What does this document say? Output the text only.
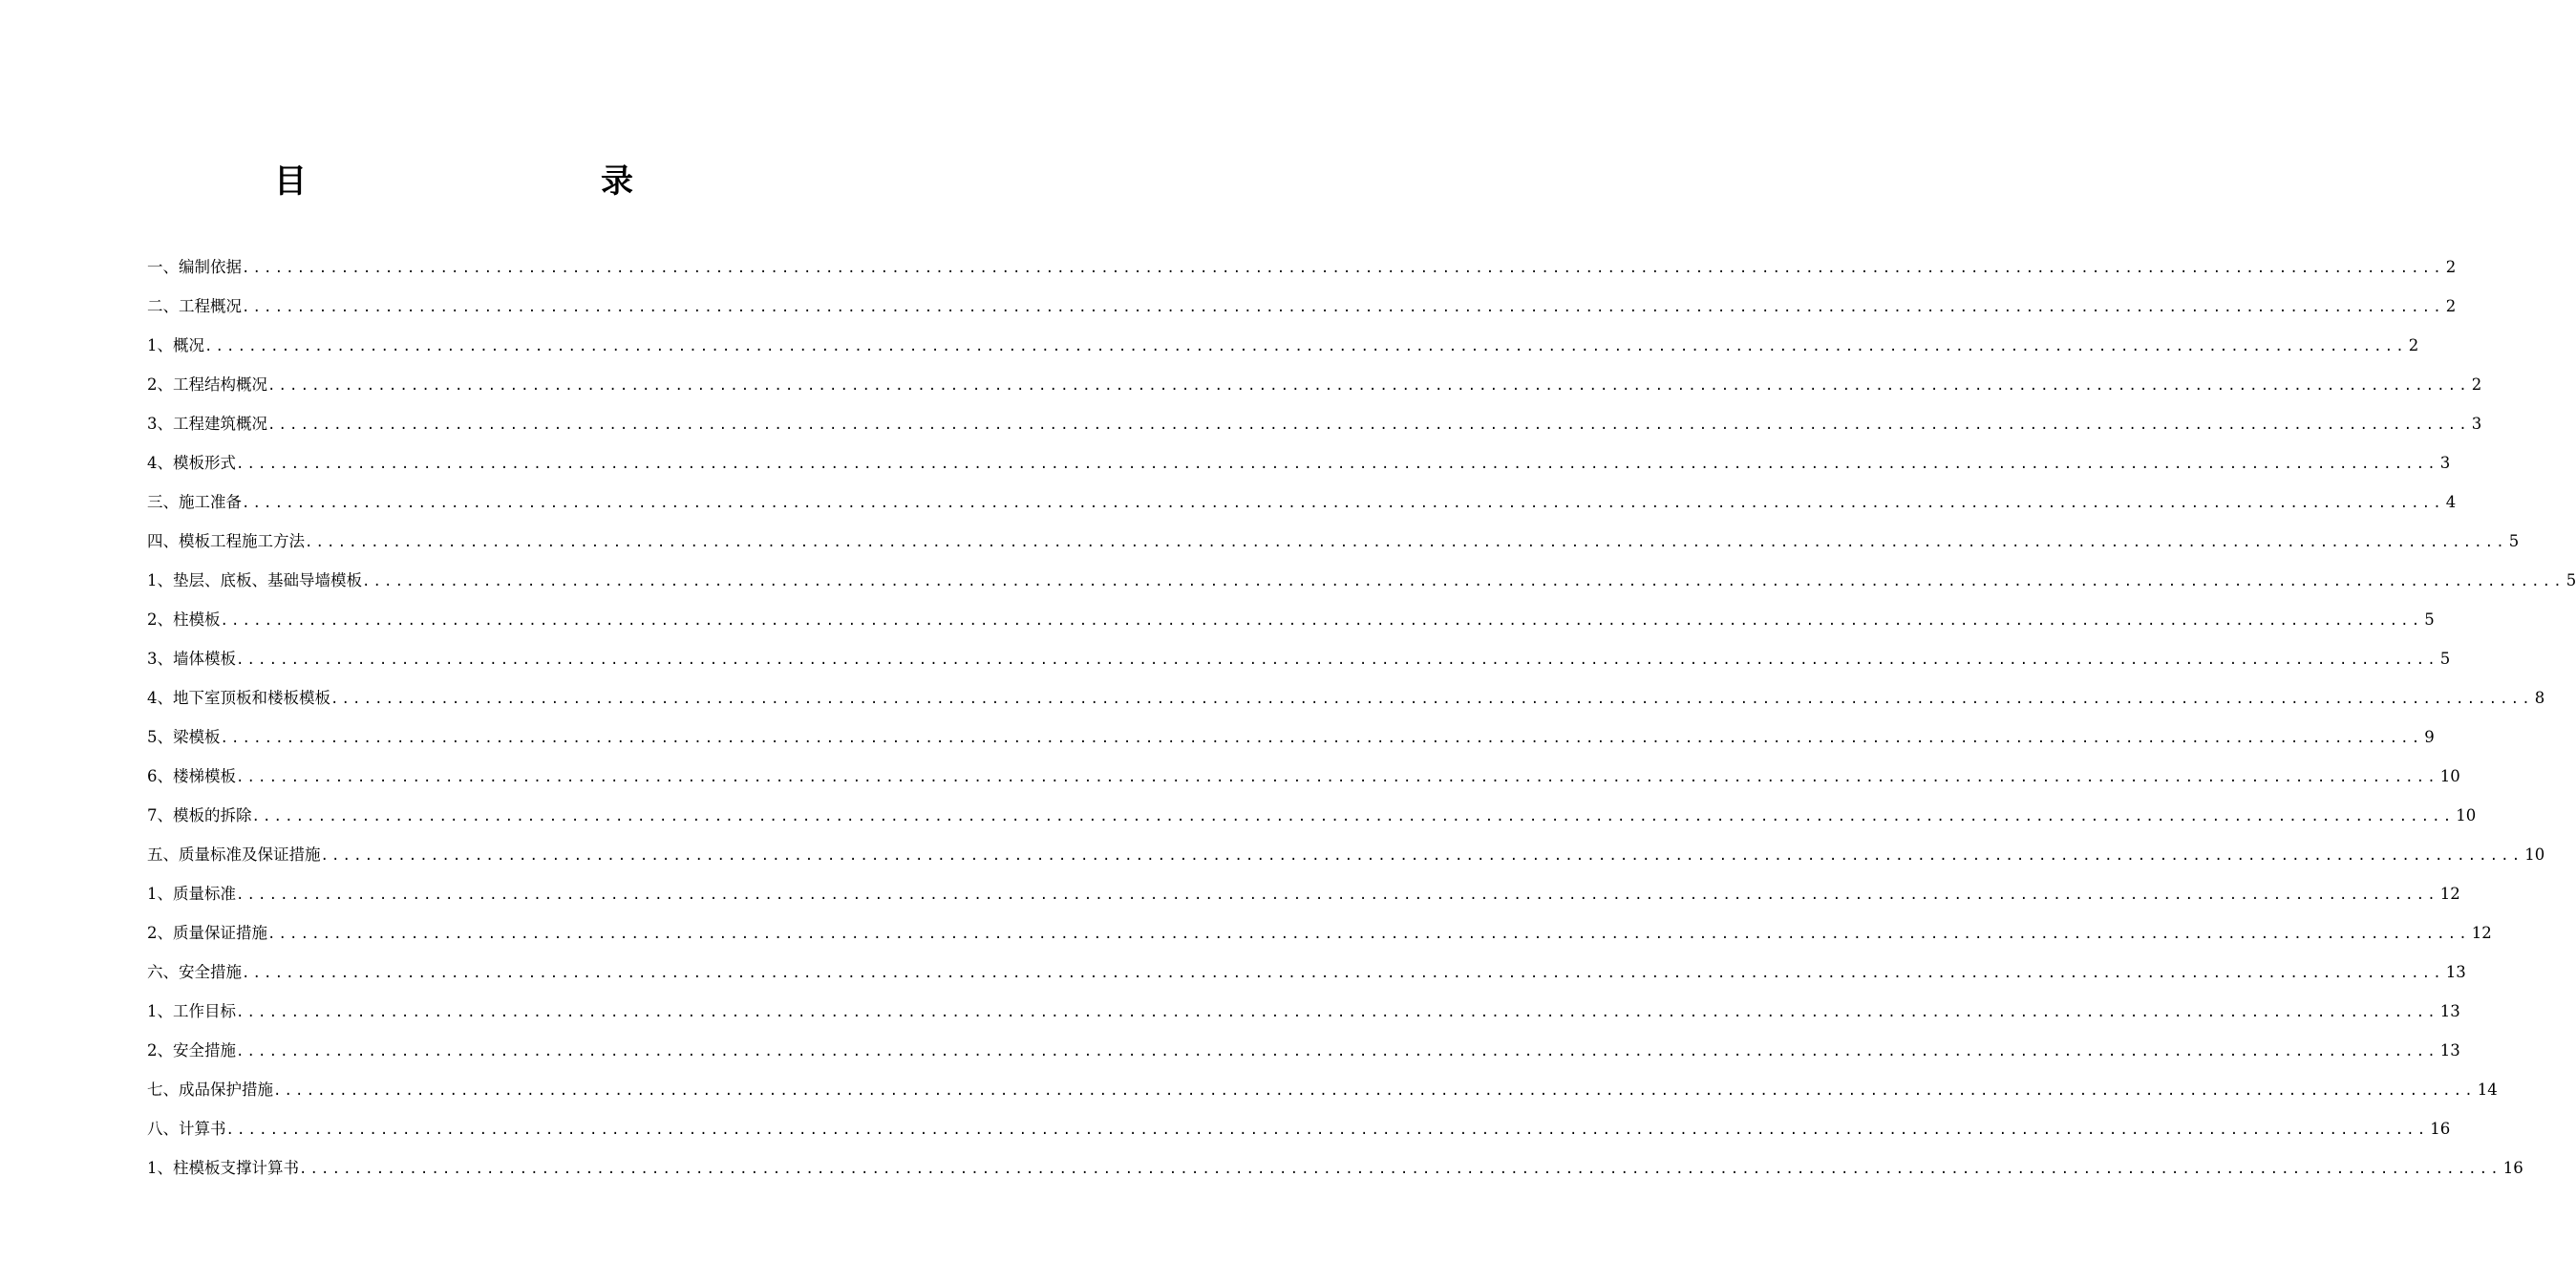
目　　录
一、编制依据 ........................................................................................................................................................................................................ 2
二、工程概况 ........................................................................................................................................................................................................ 2
1、概况 ........................................................................................................................................................................................................ 2
2、工程结构概况 ........................................................................................................................................................................................................ 2
3、工程建筑概况 ........................................................................................................................................................................................................ 3
4、模板形式 ........................................................................................................................................................................................................ 3
三、施工准备 ........................................................................................................................................................................................................ 4
四、模板工程施工方法 ........................................................................................................................................................................................................ 5
1、垫层、底板、基础导墙模板 ........................................................................................................................................................................................................ 5
2、柱模板 ........................................................................................................................................................................................................ 5
3、墙体模板 ........................................................................................................................................................................................................ 5
4、地下室顶板和楼板模板 ........................................................................................................................................................................................................ 8
5、梁模板 ........................................................................................................................................................................................................ 9
6、楼梯模板 ........................................................................................................................................................................................................ 10
7、模板的拆除 ........................................................................................................................................................................................................ 10
五、质量标准及保证措施 ........................................................................................................................................................................................................ 10
1、质量标准 ........................................................................................................................................................................................................ 12
2、质量保证措施 ........................................................................................................................................................................................................ 12
六、安全措施 ........................................................................................................................................................................................................ 13
1、工作目标 ........................................................................................................................................................................................................ 13
2、安全措施 ........................................................................................................................................................................................................ 13
七、成品保护措施 ........................................................................................................................................................................................................ 14
八、计算书 ........................................................................................................................................................................................................ 16
1、柱模板支撑计算书 ........................................................................................................................................................................................................ 16
